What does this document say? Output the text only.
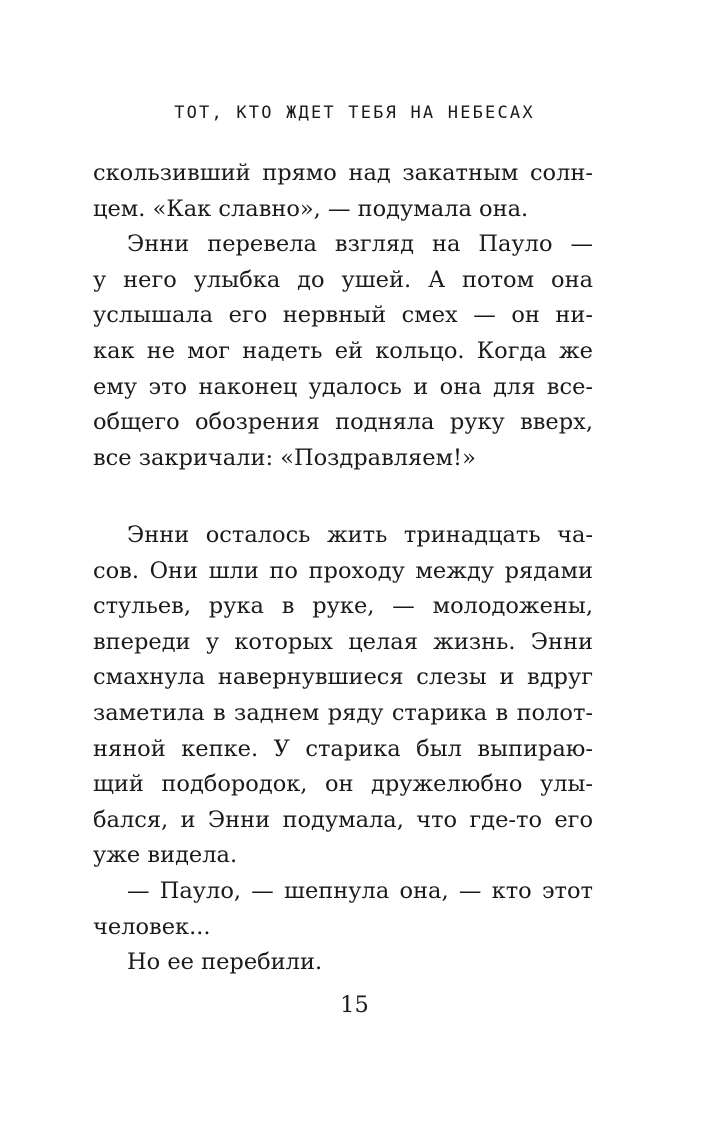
ТОТ, КТО ЖДЕТ ТЕБЯ НА НЕБЕСАХ
скользивший прямо над закатным солн-
цем. «Как славно», — подумала она.
Энни перевела взгляд на Пауло —
у него улыбка до ушей. А потом она
услышала его нервный смех — он ни-
как не мог надеть ей кольцо. Когда же
ему это наконец удалось и она для все-
общего обозрения подняла руку вверх,
все закричали: «Поздравляем!»
Энни осталось жить тринадцать ча-
сов. Они шли по проходу между рядами
стульев, рука в руке, — молодожены,
впереди у которых целая жизнь. Энни
смахнула навернувшиеся слезы и вдруг
заметила в заднем ряду старика в полот-
няной кепке. У старика был выпираю-
щий подбородок, он дружелюбно улы-
бался, и Энни подумала, что где-то его
уже видела.
— Пауло, — шепнула она, — кто этот
человек...
Но ее перебили.
15
